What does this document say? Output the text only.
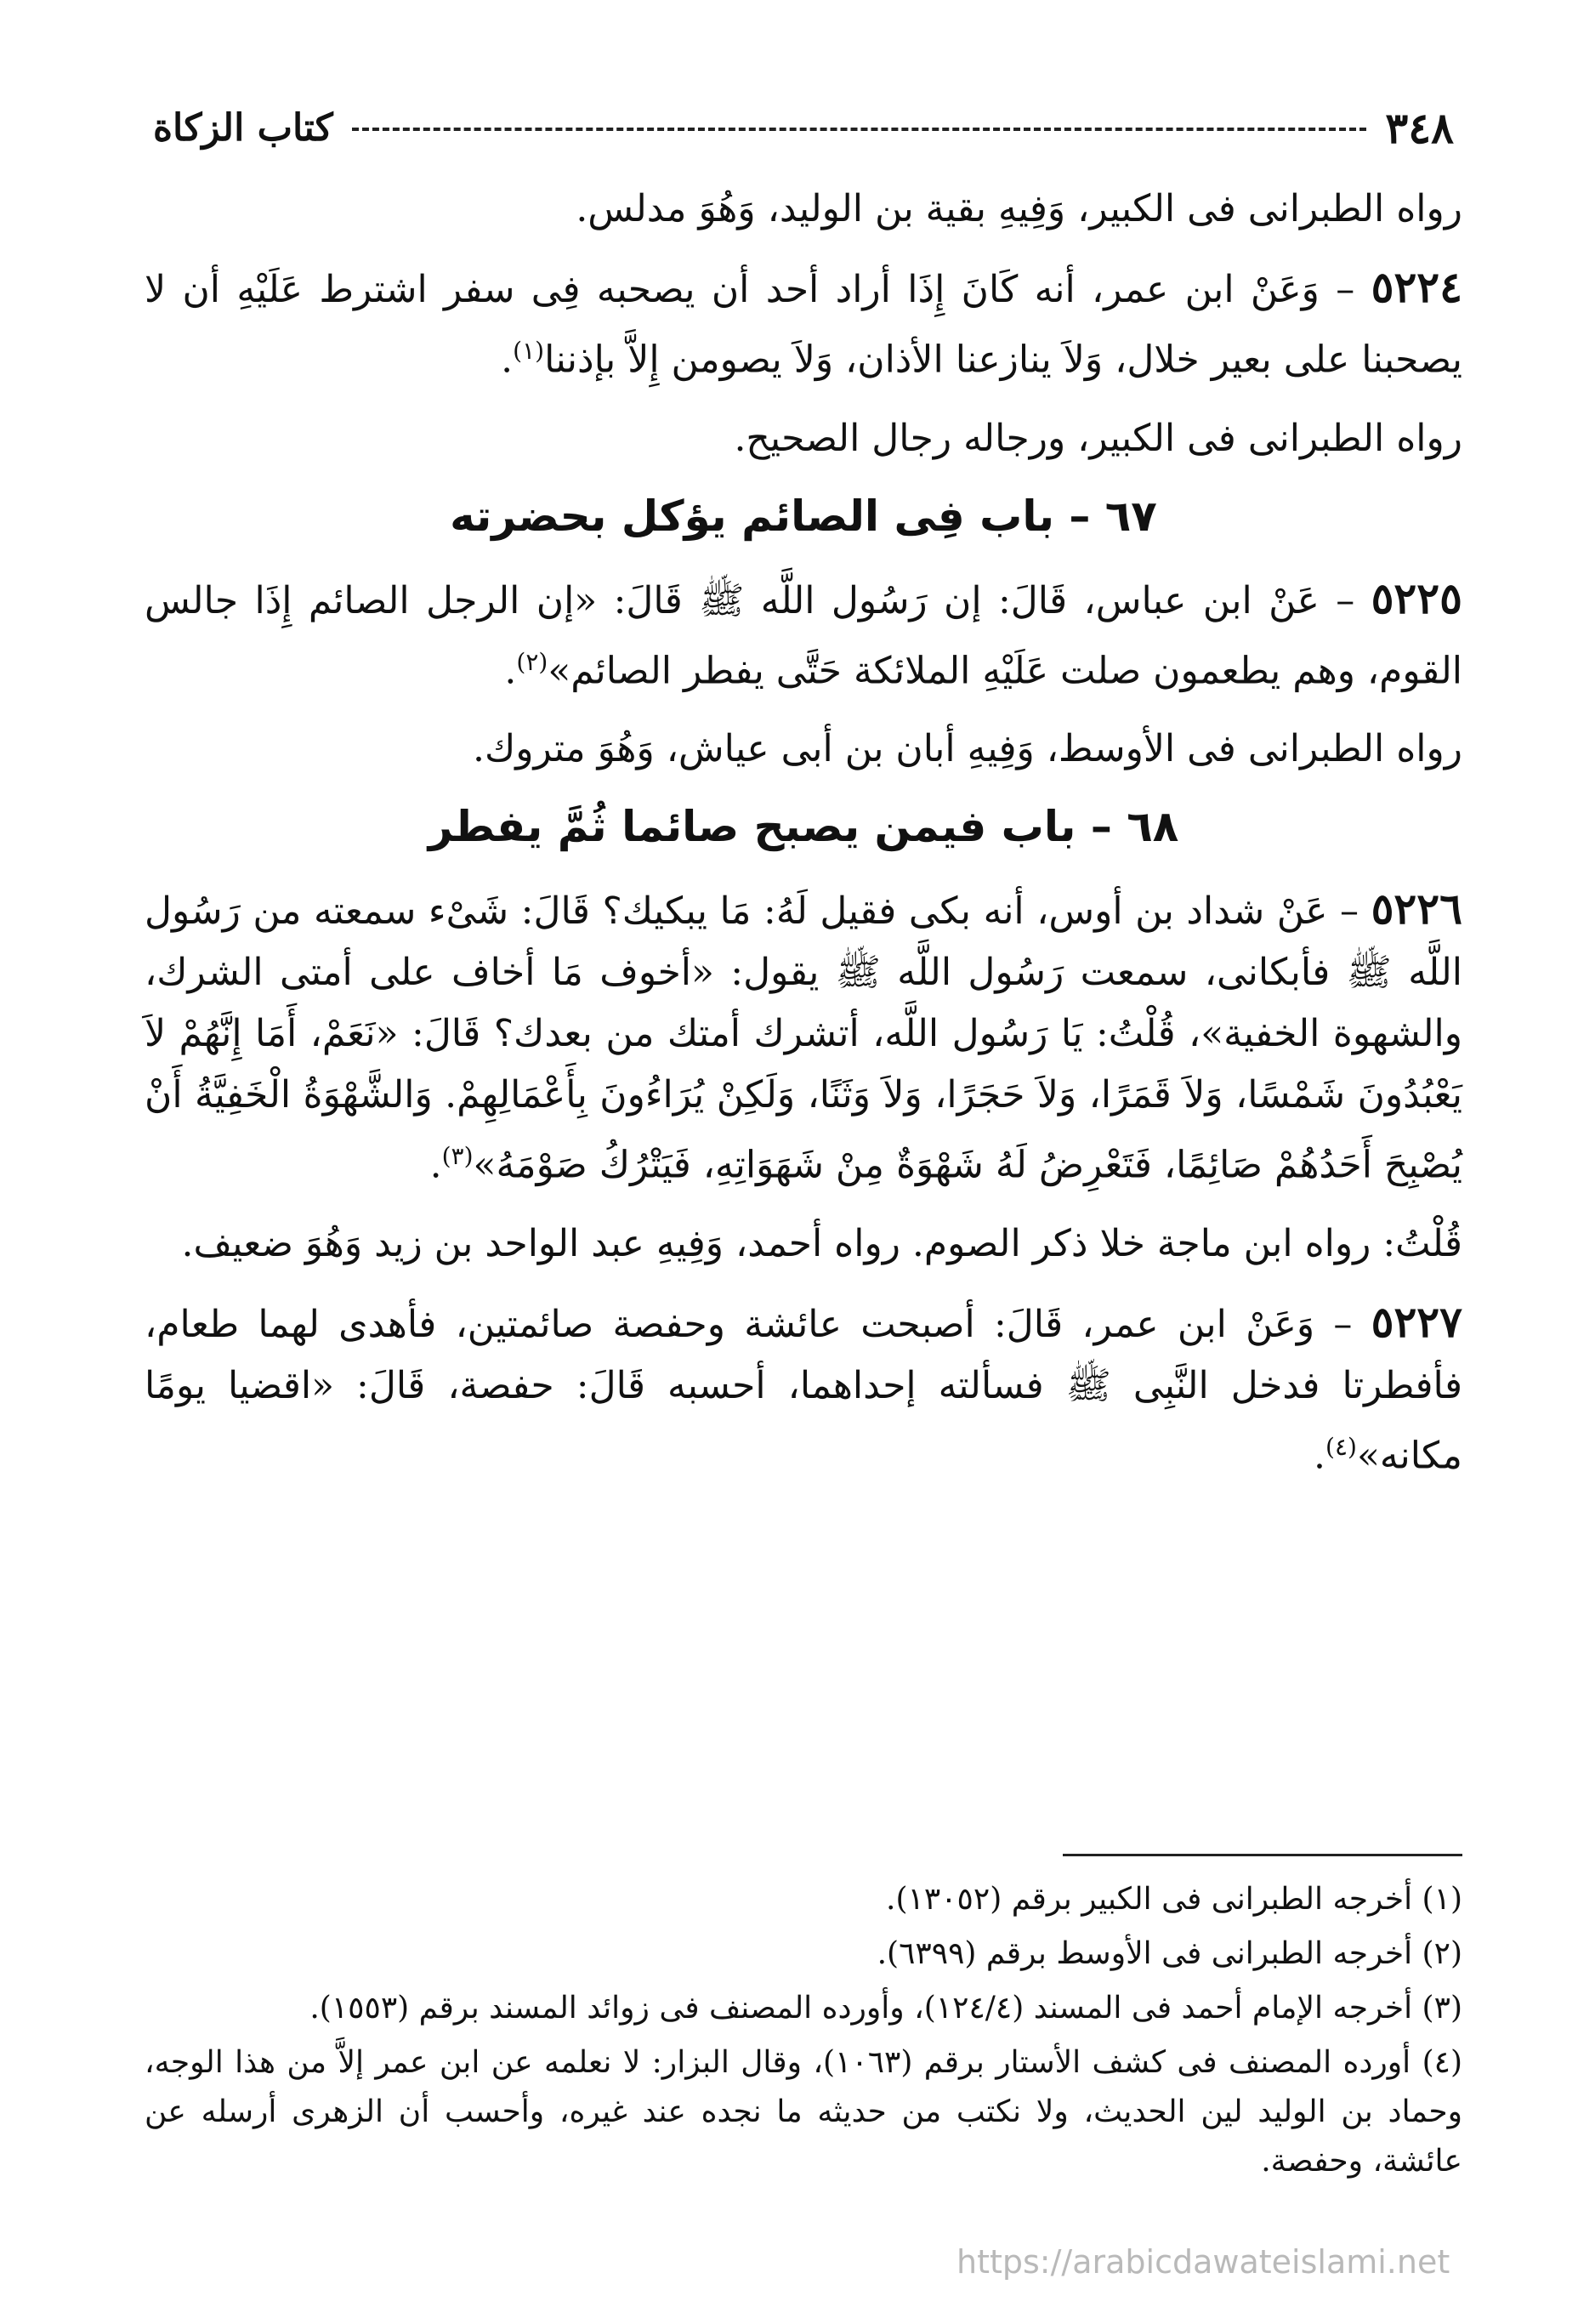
٣٤٨
كتاب الزكاة

رواه الطبرانى فى الكبير، وَفِيهِ بقية بن الوليد، وَهُوَ مدلس.

٥٢٢٤ – وَعَنْ ابن عمر، أنه كَانَ إِذَا أراد أحد أن يصحبه فِى سفر اشترط عَلَيْهِ أن لا يصحبنا على بعير خلال، وَلاَ ينازعنا الأذان، وَلاَ يصومن إِلاَّ بإذننا$^{(١)}$.

رواه الطبرانى فى الكبير، ورجاله رجال الصحيح.

٦٧ – باب فِى الصائم يؤكل بحضرته

٥٢٢٥ – عَنْ ابن عباس، قَالَ: إن رَسُول اللَّه ﷺ قَالَ: «إن الرجل الصائم إِذَا جالس القوم، وهم يطعمون صلت عَلَيْهِ الملائكة حَتَّى يفطر الصائم»$^{(٢)}$.

رواه الطبرانى فى الأوسط، وَفِيهِ أبان بن أبى عياش، وَهُوَ متروك.

٦٨ – باب فيمن يصبح صائما ثُمَّ يفطر

٥٢٢٦ – عَنْ شداد بن أوس، أنه بكى فقيل لَهُ: مَا يبكيك؟ قَالَ: شَىْء سمعته من رَسُول اللَّه ﷺ فأبكانى، سمعت رَسُول اللَّه ﷺ يقول: «أخوف مَا أخاف على أمتى الشرك، والشهوة الخفية»، قُلْتُ: يَا رَسُول اللَّه، أتشرك أمتك من بعدك؟ قَالَ: «نَعَمْ، أَمَا إِنَّهُمْ لاَ يَعْبُدُونَ شَمْسًا، وَلاَ قَمَرًا، وَلاَ حَجَرًا، وَلاَ وَثَنًا، وَلَكِنْ يُرَاءُونَ بِأَعْمَالِهِمْ. وَالشَّهْوَةُ الْخَفِيَّةُ أَنْ يُصْبِحَ أَحَدُهُمْ صَائِمًا، فَتَعْرِضُ لَهُ شَهْوَةٌ مِنْ شَهَوَاتِهِ، فَيَتْرُكُ صَوْمَهُ»$^{(٣)}$.

قُلْتُ: رواه ابن ماجة خلا ذكر الصوم. رواه أحمد، وَفِيهِ عبد الواحد بن زيد وَهُوَ ضعيف.

٥٢٢٧ – وَعَنْ ابن عمر، قَالَ: أصبحت عائشة وحفصة صائمتين، فأهدى لهما طعام، فأفطرتا فدخل النَّبِى ﷺ فسألته إحداهما، أحسبه قَالَ: حفصة، قَالَ: «اقضيا يومًا مكانه»$^{(٤)}$.

(١) أخرجه الطبرانى فى الكبير برقم (١٣٠٥٢).

(٢) أخرجه الطبرانى فى الأوسط برقم (٦٣٩٩).

(٣) أخرجه الإمام أحمد فى المسند (١٢٤/٤)، وأورده المصنف فى زوائد المسند برقم (١٥٥٣).

(٤) أورده المصنف فى كشف الأستار برقم (١٠٦٣)، وقال البزار: لا نعلمه عن ابن عمر إلاَّ من هذا الوجه، وحماد بن الوليد لين الحديث، ولا نكتب من حديثه ما نجده عند غيره، وأحسب أن الزهرى أرسله عن عائشة، وحفصة.

https://arabicdawateislami.net
